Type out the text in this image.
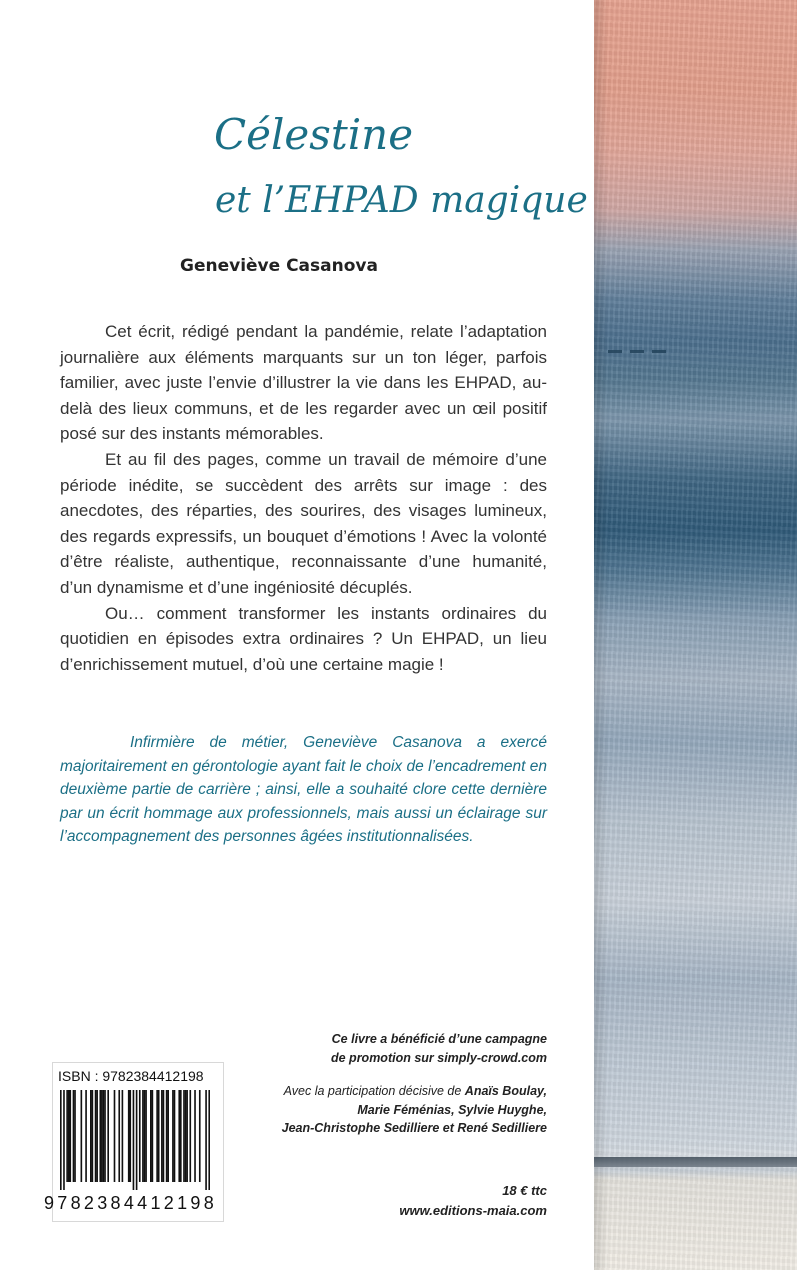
Célestine
et l’EHPAD magique
Geneviève Casanova

Cet écrit, rédigé pendant la pandémie, relate l’adaptation journalière aux éléments marquants sur un ton léger, parfois familier, avec juste l’envie d’illustrer la vie dans les EHPAD, au-delà des lieux communs, et de les regarder avec un œil positif posé sur des instants mémorables.

Et au fil des pages, comme un travail de mémoire d’une période inédite, se succèdent des arrêts sur image : des anecdotes, des réparties, des sourires, des visages lumineux, des regards expressifs, un bouquet d’émotions ! Avec la volonté d’être réaliste, authentique, reconnaissante d’une humanité, d’un dynamisme et d’une ingéniosité décuplés.

Ou… comment transformer les instants ordinaires du quotidien en épisodes extra ordinaires ? Un EHPAD, un lieu d’enrichissement mutuel, d’où une certaine magie !

Infirmière de métier, Geneviève Casanova a exercé majoritairement en gérontologie ayant fait le choix de l’encadrement en deuxième partie de carrière ; ainsi, elle a souhaité clore cette dernière par un écrit hommage aux professionnels, mais aussi un éclairage sur l’accompagnement des personnes âgées institutionnalisées.

Ce livre a bénéficié d’une campagne
de promotion sur simply-crowd.com
Avec la participation décisive de Anaïs Boulay,
Marie Féménias, Sylvie Huyghe,
Jean-Christophe Sedilliere et René Sedilliere
18 € ttc
www.editions-maia.com

ISBN : 9782384412198

9782384412198
